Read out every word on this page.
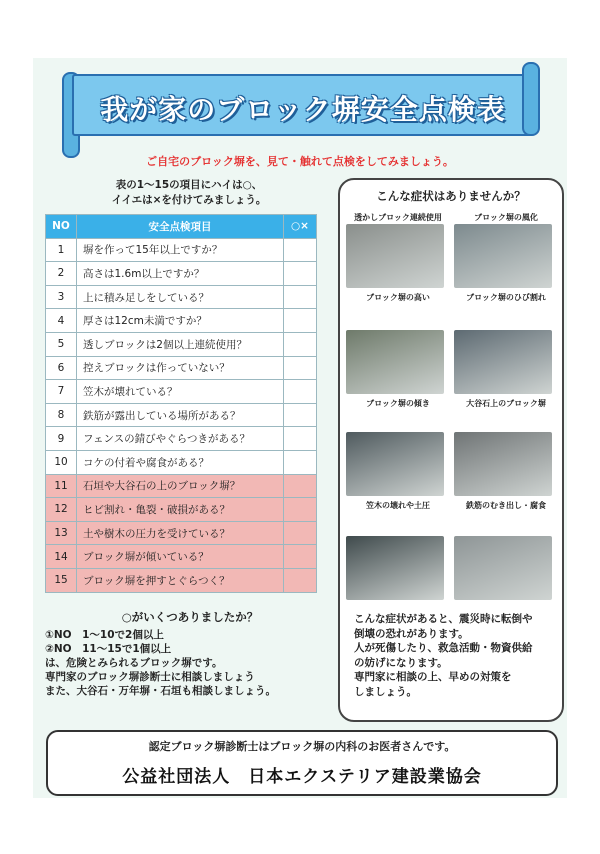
我が家のブロック塀安全点検表
ご自宅のブロック塀を、見て・触れて点検をしてみましょう。
表の1～15の項目にハイは○、
イイエは×を付けてみましょう。
NO	安全点検項目	○×
1	塀を作って15年以上ですか？	
2	高さは1.6m以上ですか？	
3	上に積み足しをしている？	
4	厚さは12cm未満ですか？	
5	透しブロックは2個以上連続使用？	
6	控えブロックは作っていない？	
7	笠木が壊れている？	
8	鉄筋が露出している場所がある？	
9	フェンスの錆びやぐらつきがある？	
10	コケの付着や腐食がある？	
11	石垣や大谷石の上のブロック塀？	
12	ヒビ割れ・亀裂・破損がある？	
13	土や樹木の圧力を受けている？	
14	ブロック塀が傾いている？	
15	ブロック塀を押すとぐらつく？	
○がいくつありましたか？
①NO　1～10で2個以上
②NO　11～15で1個以上
は、危険とみられるブロック塀です。
専門家のブロック塀診断士に相談しましょう
また、大谷石・万年塀・石垣も相談しましょう。
こんな症状はありませんか？
透かしブロック連続使用
ブロック塀の高い
ブロック塀の風化
ブロック塀のひび割れ
ブロック塀の傾き	大谷石上のブロック塀
笠木の壊れや土圧	鉄筋のむき出し・腐食
こんな症状があると、震災時に転倒や
倒壊の恐れがあります。
人が死傷したり、救急活動・物資供給
の妨げになります。
専門家に相談の上、早めの対策を
しましょう。
認定ブロック塀診断士はブロック塀の内科のお医者さんです。
公益社団法人　日本エクステリア建設業協会
